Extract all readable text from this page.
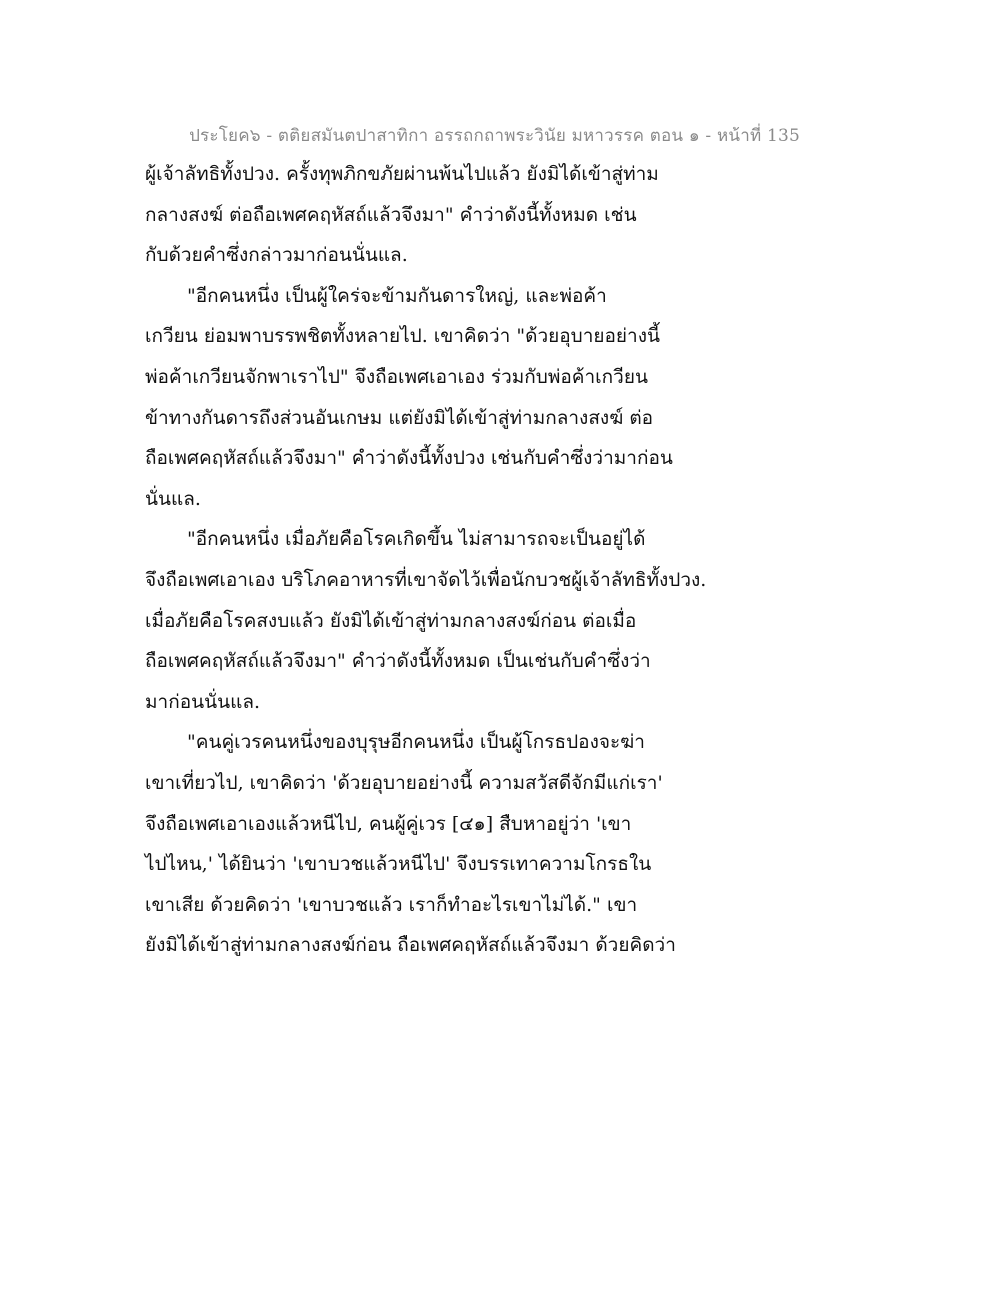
ประโยค๖ - ตติยสมันตปาสาทิกา อรรถกถาพระวินัย มหาวรรค ตอน ๑ - หน้าที่ 135
ผู้เจ้าลัทธิทั้งปวง. ครั้งทุพภิกขภัยผ่านพ้นไปแล้ว ยังมิได้เข้าสู่ท่าม
กลางสงฆ์ ต่อถือเพศคฤหัสถ์แล้วจึงมา" คำว่าดังนี้ทั้งหมด เช่น
กับด้วยคำซึ่งกล่าวมาก่อนนั่นแล.
"อีกคนหนึ่ง เป็นผู้ใคร่จะข้ามกันดารใหญ่, และพ่อค้า
เกวียน ย่อมพาบรรพชิตทั้งหลายไป. เขาคิดว่า "ด้วยอุบายอย่างนี้
พ่อค้าเกวียนจักพาเราไป" จึงถือเพศเอาเอง ร่วมกับพ่อค้าเกวียน
ข้าทางกันดารถึงส่วนอันเกษม แต่ยังมิได้เข้าสู่ท่ามกลางสงฆ์ ต่อ
ถือเพศคฤหัสถ์แล้วจึงมา" คำว่าดังนี้ทั้งปวง เช่นกับคำซึ่งว่ามาก่อน
นั่นแล.
"อีกคนหนึ่ง เมื่อภัยคือโรคเกิดขึ้น ไม่สามารถจะเป็นอยู่ได้
จึงถือเพศเอาเอง บริโภคอาหารที่เขาจัดไว้เพื่อนักบวชผู้เจ้าลัทธิทั้งปวง.
เมื่อภัยคือโรคสงบแล้ว ยังมิได้เข้าสู่ท่ามกลางสงฆ์ก่อน ต่อเมื่อ
ถือเพศคฤหัสถ์แล้วจึงมา" คำว่าดังนี้ทั้งหมด เป็นเช่นกับคำซึ่งว่า
มาก่อนนั่นแล.
"คนคู่เวรคนหนึ่งของบุรุษอีกคนหนึ่ง เป็นผู้โกรธปองจะฆ่า
เขาเที่ยวไป, เขาคิดว่า 'ด้วยอุบายอย่างนี้ ความสวัสดีจักมีแก่เรา'
จึงถือเพศเอาเองแล้วหนีไป, คนผู้คู่เวร [๔๑] สืบหาอยู่ว่า 'เขา
ไปไหน,' ได้ยินว่า 'เขาบวชแล้วหนีไป' จึงบรรเทาความโกรธใน
เขาเสีย ด้วยคิดว่า 'เขาบวชแล้ว เราก็ทำอะไรเขาไม่ได้." เขา
ยังมิได้เข้าสู่ท่ามกลางสงฆ์ก่อน ถือเพศคฤหัสถ์แล้วจึงมา ด้วยคิดว่า
